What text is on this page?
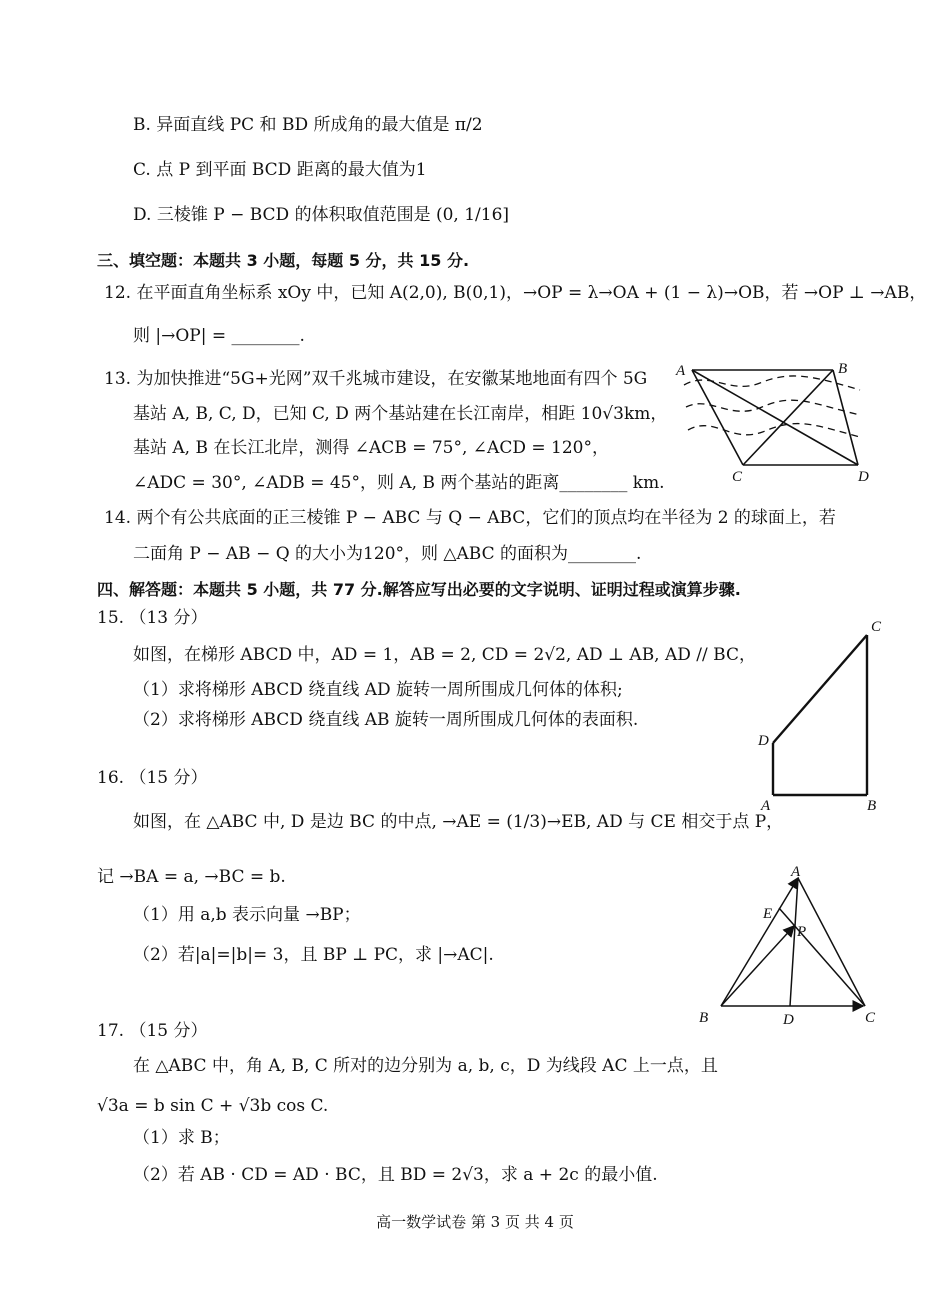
B. 异面直线 PC 和 BD 所成角的最大值是 π/2
C. 点 P 到平面 BCD 距离的最大值为1
D. 三棱锥 P − BCD 的体积取值范围是 (0, 1/16]
三、填空题：本题共 3 小题，每题 5 分，共 15 分.
12. 在平面直角坐标系 xOy 中，已知 A(2,0), B(0,1)，→OP = λ→OA + (1 − λ)→OB，若 →OP ⊥ →AB，
则 |→OP| = ________.
13. 为加快推进“5G+光网”双千兆城市建设，在安徽某地地面有四个 5G
基站 A, B, C, D，已知 C, D 两个基站建在长江南岸，相距 10√3km，
基站 A, B 在长江北岸，测得 ∠ACB = 75°, ∠ACD = 120°，
∠ADC = 30°, ∠ADB = 45°，则 A, B 两个基站的距离________ km.
A	B
C	D
14. 两个有公共底面的正三棱锥 P − ABC 与 Q − ABC，它们的顶点均在半径为 2 的球面上，若
二面角 P − AB − Q 的大小为120°，则 △ABC 的面积为________.
四、解答题：本题共 5 小题，共 77 分.解答应写出必要的文字说明、证明过程或演算步骤.
15. （13 分）
如图，在梯形 ABCD 中，AD = 1，AB = 2, CD = 2√2, AD ⊥ AB, AD // BC，
（1）求将梯形 ABCD 绕直线 AD 旋转一周所围成几何体的体积;
（2）求将梯形 ABCD 绕直线 AB 旋转一周所围成几何体的表面积.
A	B
C
D
16. （15 分）
如图，在 △ABC 中, D 是边 BC 的中点, →AE = (1/3)→EB, AD 与 CE 相交于点 P，
记 →BA = a, →BC = b.
（1）用 a,b 表示向量 →BP；
（2）若|a|=|b|= 3，且 BP ⊥ PC，求 |→AC|.
A
B	C
D
E
P
17. （15 分）
在 △ABC 中，角 A, B, C 所对的边分别为 a, b, c，D 为线段 AC 上一点，且
√3a = b sin C + √3b cos C.
（1）求 B；
（2）若 AB · CD = AD · BC，且 BD = 2√3，求 a + 2c 的最小值.
高一数学试卷 第 3 页 共 4 页
